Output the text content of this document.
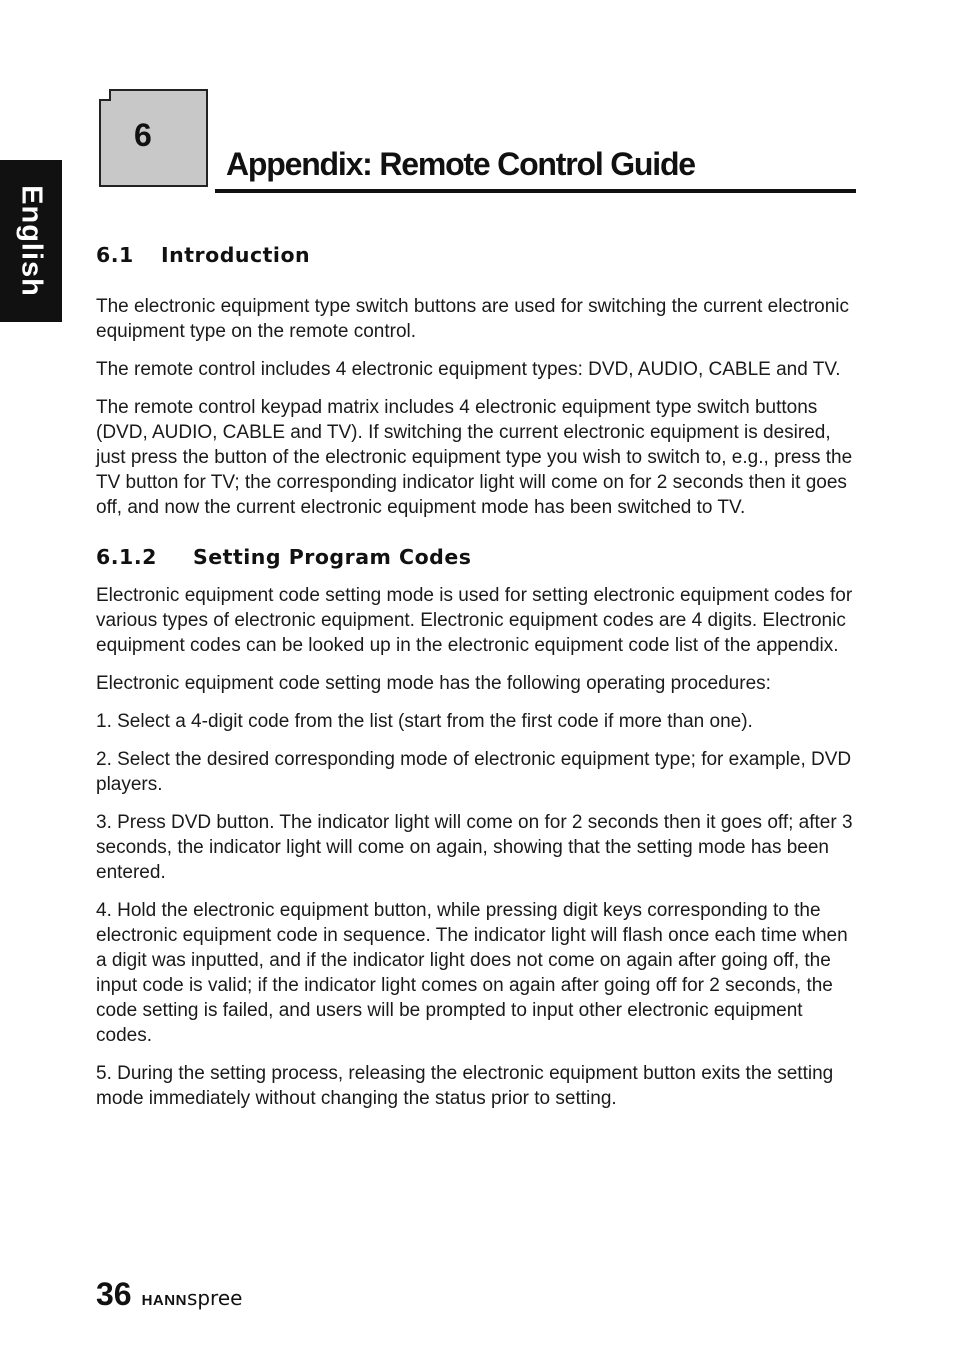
English
6
Appendix: Remote Control Guide
6.1 Introduction

The electronic equipment type switch buttons are used for switching the current electronic equipment type on the remote control.

The remote control includes 4 electronic equipment types: DVD, AUDIO, CABLE and TV.

The remote control keypad matrix includes 4 electronic equipment type switch buttons (DVD, AUDIO, CABLE and TV). If switching the current electronic equipment is desired, just press the button of the electronic equipment type you wish to switch to, e.g., press the TV button for TV; the corresponding indicator light will come on for 2 seconds then it goes off, and now the current electronic equipment mode has been switched to TV.

6.1.2 Setting Program Codes

Electronic equipment code setting mode is used for setting electronic equipment codes for various types of electronic equipment. Electronic equipment codes are 4 digits. Electronic equipment codes can be looked up in the electronic equipment code list of the appendix.

Electronic equipment code setting mode has the following operating procedures:

1. Select a 4-digit code from the list (start from the first code if more than one).

2. Select the desired corresponding mode of electronic equipment type; for example, DVD players.

3. Press DVD button. The indicator light will come on for 2 seconds then it goes off; after 3 seconds, the indicator light will come on again, showing that the setting mode has been entered.

4. Hold the electronic equipment button, while pressing digit keys corresponding to the electronic equipment code in sequence. The indicator light will flash once each time when a digit was inputted, and if the indicator light does not come on again after going off, the input code is valid; if the indicator light comes on again after going off for 2 seconds, the code setting is failed, and users will be prompted to input other electronic equipment codes.

5. During the setting process, releasing the electronic equipment button exits the setting mode immediately without changing the status prior to setting.

36 HANNspree
